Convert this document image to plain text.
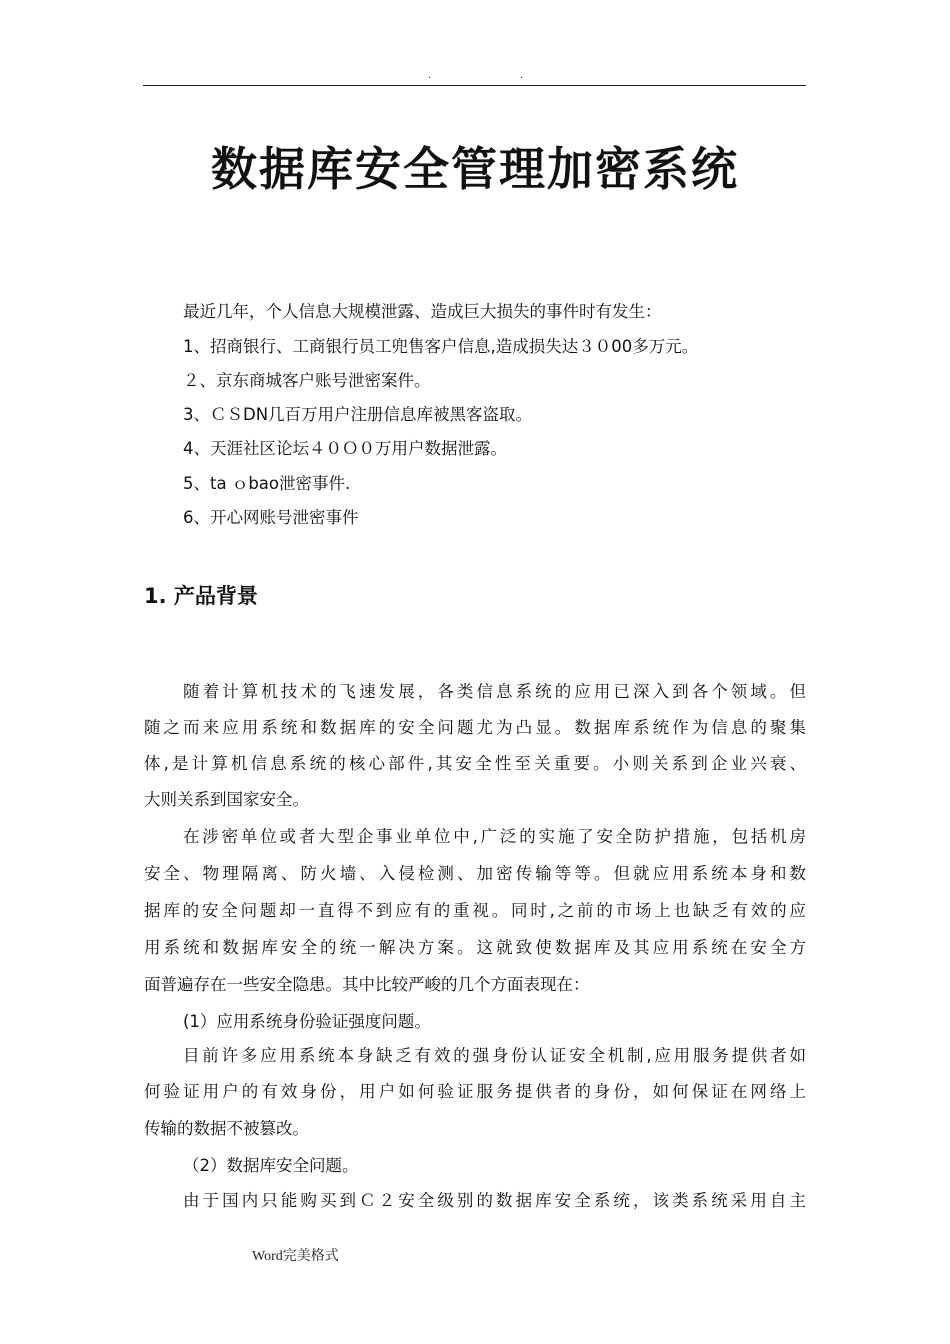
.	.
数据库安全管理加密系统
最近几年，个人信息大规模泄露、造成巨大损失的事件时有发生：
1、招商银行、工商银行员工兜售客户信息,造成损失达３０00多万元。
２、京东商城客户账号泄密案件。
3、ＣＳDN几百万用户注册信息库被黑客盗取。
4、天涯社区论坛４０Ｏ０万用户数据泄露。
5、ta ｏbao泄密事件.
6、开心网账号泄密事件
1. 产品背景
随着计算机技术的飞速发展，各类信息系统的应用已深入到各个领域。但
随之而来应用系统和数据库的安全问题尤为凸显。数据库系统作为信息的聚集
体,是计算机信息系统的核心部件,其安全性至关重要。小则关系到企业兴衰、
大则关系到国家安全。
在涉密单位或者大型企事业单位中,广泛的实施了安全防护措施，包括机房
安全、物理隔离、防火墙、入侵检测、加密传输等等。但就应用系统本身和数
据库的安全问题却一直得不到应有的重视。同时,之前的市场上也缺乏有效的应
用系统和数据库安全的统一解决方案。这就致使数据库及其应用系统在安全方
面普遍存在一些安全隐患。其中比较严峻的几个方面表现在：
(1）应用系统身份验证强度问题。
目前许多应用系统本身缺乏有效的强身份认证安全机制,应用服务提供者如
何验证用户的有效身份，用户如何验证服务提供者的身份，如何保证在网络上
传输的数据不被篡改。
（2）数据库安全问题。
由于国内只能购买到Ｃ２安全级别的数据库安全系统，该类系统采用自主
Word完美格式
